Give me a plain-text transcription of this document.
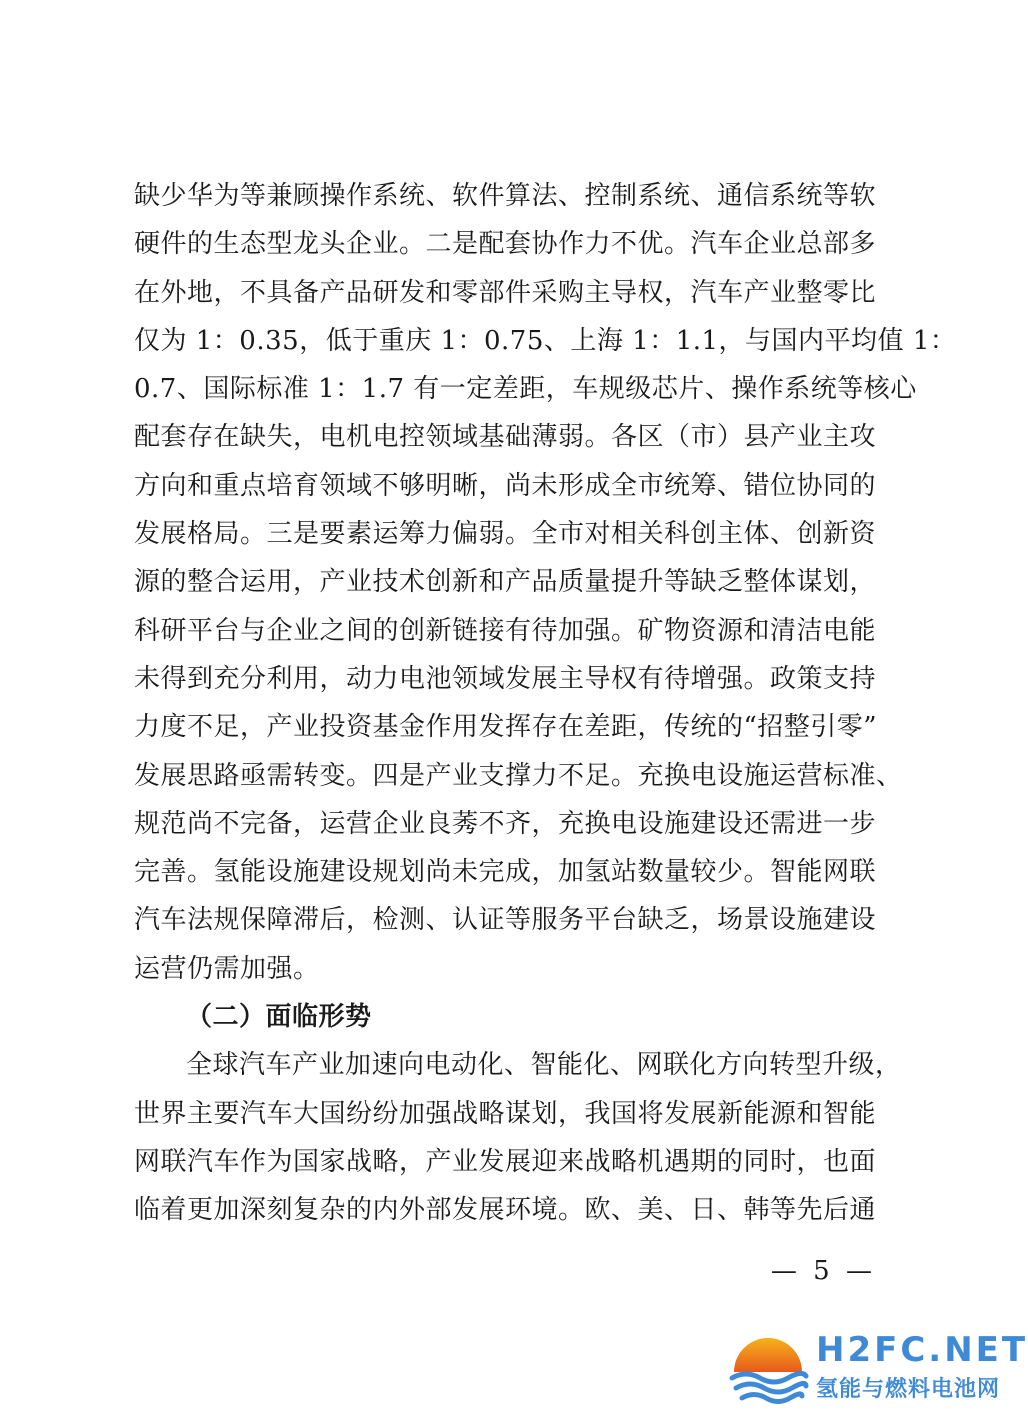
缺少华为等兼顾操作系统、软件算法、控制系统、通信系统等软
硬件的生态型龙头企业。二是配套协作力不优。汽车企业总部多
在外地，不具备产品研发和零部件采购主导权，汽车产业整零比
仅为 1：0.35，低于重庆 1：0.75、上海 1：1.1，与国内平均值 1：
0.7、国际标准 1：1.7 有一定差距，车规级芯片、操作系统等核心
配套存在缺失，电机电控领域基础薄弱。各区（市）县产业主攻
方向和重点培育领域不够明晰，尚未形成全市统筹、错位协同的
发展格局。三是要素运筹力偏弱。全市对相关科创主体、创新资
源的整合运用，产业技术创新和产品质量提升等缺乏整体谋划，
科研平台与企业之间的创新链接有待加强。矿物资源和清洁电能
未得到充分利用，动力电池领域发展主导权有待增强。政策支持
力度不足，产业投资基金作用发挥存在差距，传统的“招整引零”
发展思路亟需转变。四是产业支撑力不足。充换电设施运营标准、
规范尚不完备，运营企业良莠不齐，充换电设施建设还需进一步
完善。氢能设施建设规划尚未完成，加氢站数量较少。智能网联
汽车法规保障滞后，检测、认证等服务平台缺乏，场景设施建设
运营仍需加强。
（二）面临形势
全球汽车产业加速向电动化、智能化、网联化方向转型升级，
世界主要汽车大国纷纷加强战略谋划，我国将发展新能源和智能
网联汽车作为国家战略，产业发展迎来战略机遇期的同时，也面
临着更加深刻复杂的内外部发展环境。欧、美、日、韩等先后通
— 5 —
H2FC.NET
氢能与燃料电池网
